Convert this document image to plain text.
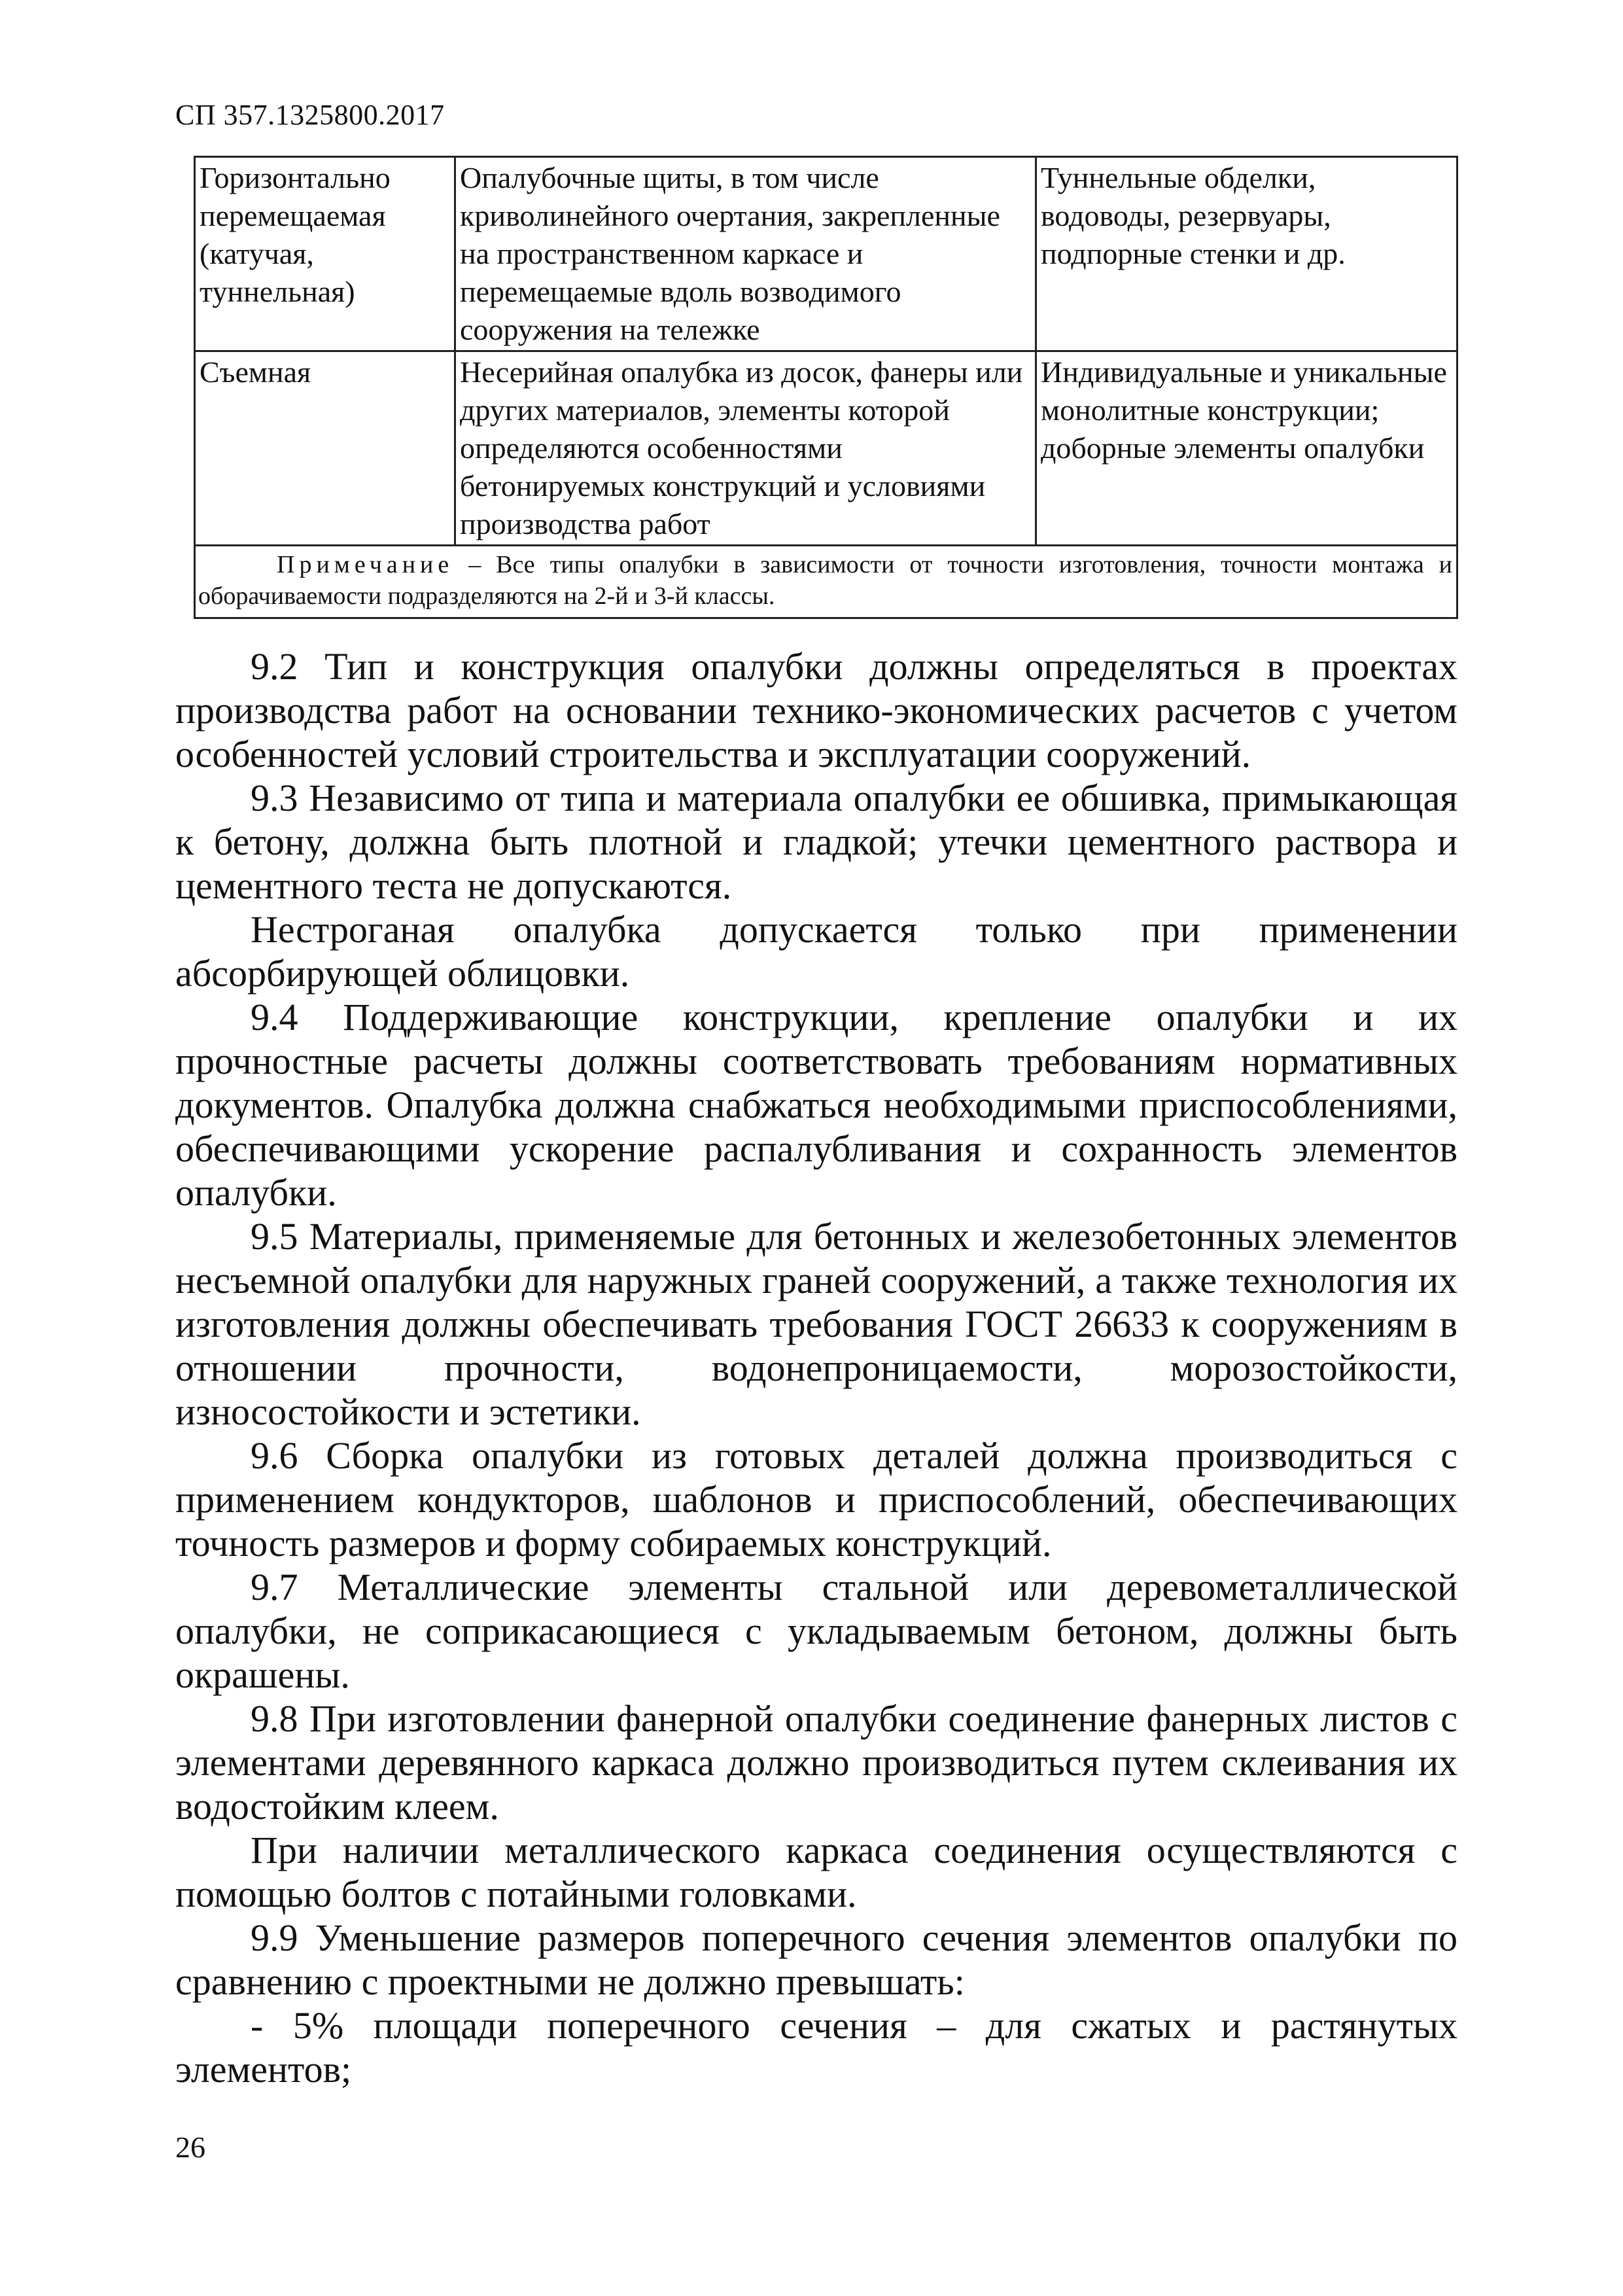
СП 357.1325800.2017
Горизонтально перемещаемая (катучая, туннельная)	Опалубочные щиты, в том числе криволинейного очертания, закрепленные на пространственном каркасе и перемещаемые вдоль возводимого сооружения на тележке	Туннельные обделки, водоводы, резервуары, подпорные стенки и др.
Съемная	Несерийная опалубка из досок, фанеры или других материалов, элементы которой определяются особенностями бетонируемых конструкций и условиями производства работ	Индивидуальные и уникальные монолитные конструкции; доборные элементы опалубки
Примечание – Все типы опалубки в зависимости от точности изготовления, точности монтажа и оборачиваемости подразделяются на 2-й и 3-й классы.		

9.2 Тип и конструкция опалубки должны определяться в проектах производства работ на основании технико-экономических расчетов с учетом особенностей условий строительства и эксплуатации сооружений.

9.3 Независимо от типа и материала опалубки ее обшивка, примыкающая к бетону, должна быть плотной и гладкой; утечки цементного раствора и цементного теста не допускаются.

Нестроганая опалубка допускается только при применении абсорбирующей облицовки.

9.4 Поддерживающие конструкции, крепление опалубки и их прочностные расчеты должны соответствовать требованиям нормативных документов. Опалубка должна снабжаться необходимыми приспособлениями, обеспечивающими ускорение распалубливания и сохранность элементов опалубки.

9.5 Материалы, применяемые для бетонных и железобетонных элементов несъемной опалубки для наружных граней сооружений, а также технология их изготовления должны обеспечивать требования ГОСТ 26633 к сооружениям в отношении прочности, водонепроницаемости, морозостойкости, износостойкости и эстетики.

9.6 Сборка опалубки из готовых деталей должна производиться с применением кондукторов, шаблонов и приспособлений, обеспечивающих точность размеров и форму собираемых конструкций.

9.7 Металлические элементы стальной или деревометаллической опалубки, не соприкасающиеся с укладываемым бетоном, должны быть окрашены.

9.8 При изготовлении фанерной опалубки соединение фанерных листов с элементами деревянного каркаса должно производиться путем склеивания их водостойким клеем.

При наличии металлического каркаса соединения осуществляются с помощью болтов с потайными головками.

9.9 Уменьшение размеров поперечного сечения элементов опалубки по сравнению с проектными не должно превышать:

- 5% площади поперечного сечения – для сжатых и растянутых элементов;

26
